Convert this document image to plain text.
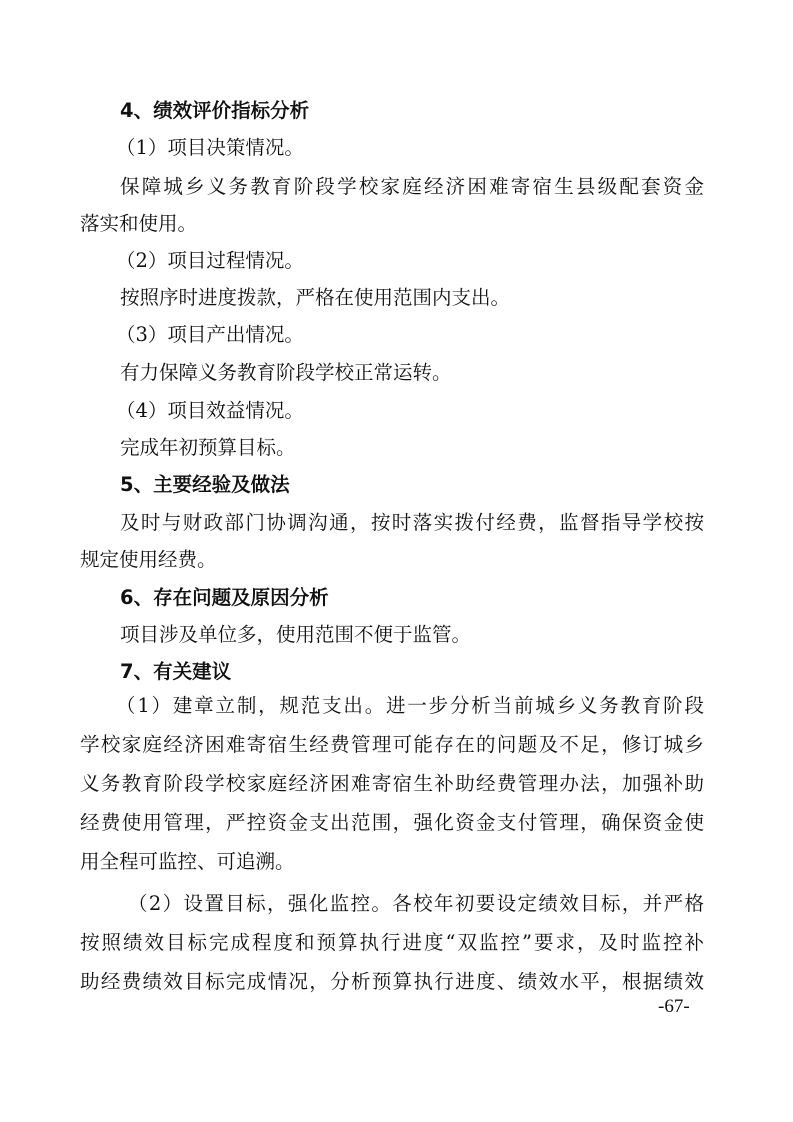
4、绩效评价指标分析
（1）项目决策情况。
保障城乡义务教育阶段学校家庭经济困难寄宿生县级配套资金
落实和使用。
（2）项目过程情况。
按照序时进度拨款，严格在使用范围内支出。
（3）项目产出情况。
有力保障义务教育阶段学校正常运转。
（4）项目效益情况。
完成年初预算目标。
5、主要经验及做法
及时与财政部门协调沟通，按时落实拨付经费，监督指导学校按
规定使用经费。
6、存在问题及原因分析
项目涉及单位多，使用范围不便于监管。
7、有关建议
（1）建章立制，规范支出。进一步分析当前城乡义务教育阶段
学校家庭经济困难寄宿生经费管理可能存在的问题及不足，修订城乡
义务教育阶段学校家庭经济困难寄宿生补助经费管理办法，加强补助
经费使用管理，严控资金支出范围，强化资金支付管理，确保资金使
用全程可监控、可追溯。
（2）设置目标，强化监控。各校年初要设定绩效目标，并严格
按照绩效目标完成程度和预算执行进度“双监控”要求，及时监控补
助经费绩效目标完成情况，分析预算执行进度、绩效水平，根据绩效
-67-
